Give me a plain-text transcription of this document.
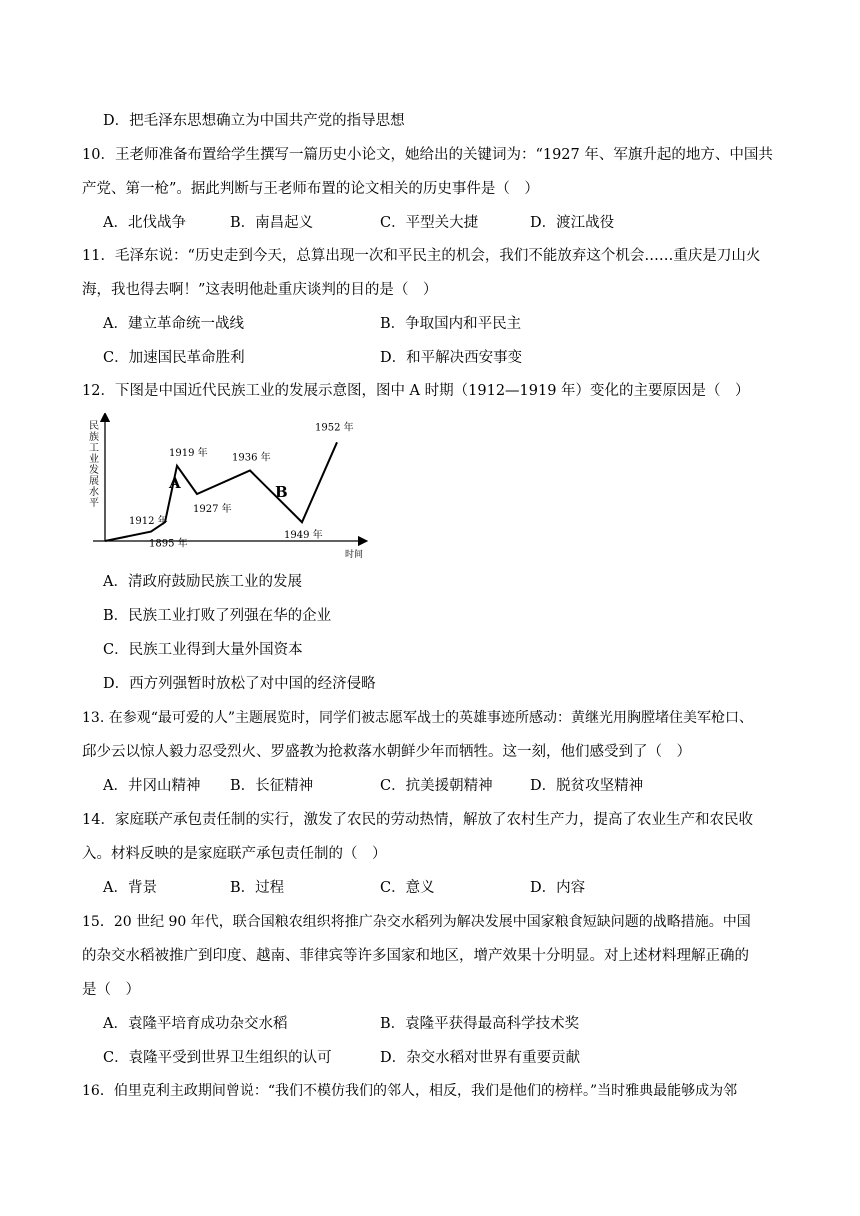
D．把毛泽东思想确立为中国共产党的指导思想
10．王老师准备布置给学生撰写一篇历史小论文，她给出的关键词为：“1927 年、军旗升起的地方、中国共
产党、第一枪”。据此判断与王老师布置的论文相关的历史事件是（　）
A．北伐战争	B．南昌起义	C．平型关大捷	D．渡江战役
11．毛泽东说：“历史走到今天，总算出现一次和平民主的机会，我们不能放弃这个机会……重庆是刀山火
海，我也得去啊！”这表明他赴重庆谈判的目的是（　）
A．建立革命统一战线	B．争取国内和平民主
C．加速国民革命胜利	D．和平解决西安事变
12．下图是中国近代民族工业的发展示意图，图中 A 时期（1912—1919 年）变化的主要原因是（　）
民
族
工
业
发
展
水
平
时间
1895 年
1912 年
1919 年
1927 年
1936 年
1949 年
1952 年
A	B
A．清政府鼓励民族工业的发展
B．民族工业打败了列强在华的企业
C．民族工业得到大量外国资本
D．西方列强暂时放松了对中国的经济侵略
13. 在参观“最可爱的人”主题展览时，同学们被志愿军战士的英雄事迹所感动：黄继光用胸膛堵住美军枪口、
邱少云以惊人毅力忍受烈火、罗盛教为抢救落水朝鲜少年而牺牲。这一刻，他们感受到了（　）
A．井冈山精神 B．长征精神	C．抗美援朝精神	D．脱贫攻坚精神
14．家庭联产承包责任制的实行，激发了农民的劳动热情，解放了农村生产力，提高了农业生产和农民收
入。材料反映的是家庭联产承包责任制的（　）
A．背景	B．过程	C．意义	D．内容
15．20 世纪 90 年代，联合国粮农组织将推广杂交水稻列为解决发展中国家粮食短缺问题的战略措施。中国
的杂交水稻被推广到印度、越南、菲律宾等许多国家和地区，增产效果十分明显。对上述材料理解正确的
是（　）
A．袁隆平培育成功杂交水稻	B．袁隆平获得最高科学技术奖
C．袁隆平受到世界卫生组织的认可	D．杂交水稻对世界有重要贡献
16．伯里克利主政期间曾说：“我们不模仿我们的邻人，相反，我们是他们的榜样。”当时雅典最能够成为邻
